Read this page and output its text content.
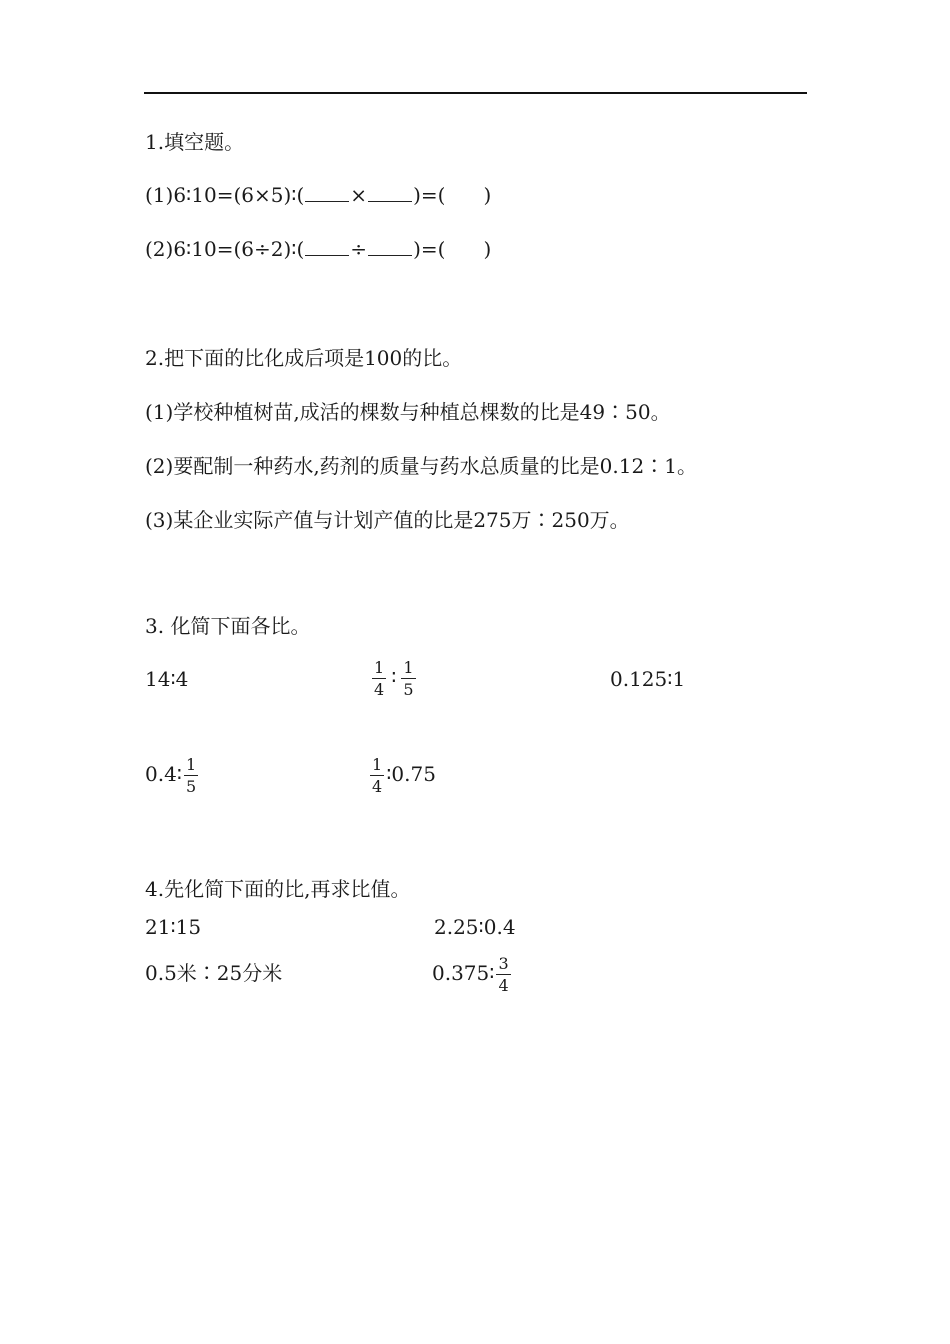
1.填空题。
(1)6∶10=(6×5)∶( × )=( )
(2)6∶10=(6÷2)∶( ÷ )=( )
2.把下面的比化成后项是100的比。
(1)学校种植树苗,成活的棵数与种植总棵数的比是49∶50。
(2)要配制一种药水,药剂的质量与药水总质量的比是0.12∶1。
(3)某企业实际产值与计划产值的比是275万∶250万。
3. 化简下面各比。
14∶4	$\frac{1}{4}$ ∶ $\frac{1}{5}$	0.125∶1
0.4∶ $\frac{1}{5}$	$\frac{1}{4}$ ∶0.75
4.先化简下面的比,再求比值。
21∶15	2.25∶0.4
0.5米∶25分米	0.375∶ $\frac{3}{4}$
